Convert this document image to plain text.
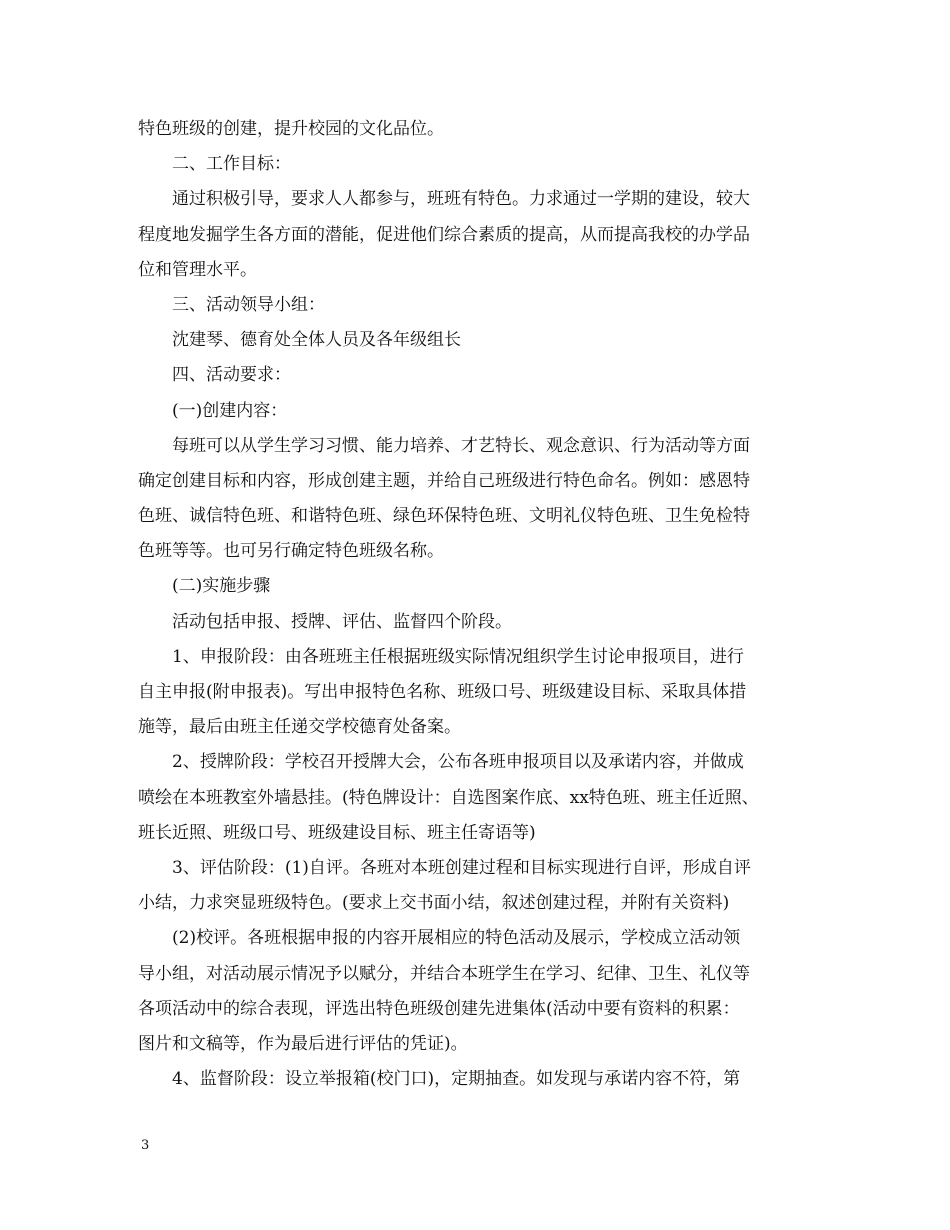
特色班级的创建，提升校园的文化品位。
二、工作目标：
通过积极引导，要求人人都参与，班班有特色。力求通过一学期的建设，较大
程度地发掘学生各方面的潜能，促进他们综合素质的提高，从而提高我校的办学品
位和管理水平。
三、活动领导小组：
沈建琴、德育处全体人员及各年级组长
四、活动要求：
(一)创建内容：
每班可以从学生学习习惯、能力培养、才艺特长、观念意识、行为活动等方面
确定创建目标和内容，形成创建主题，并给自己班级进行特色命名。例如：感恩特
色班、诚信特色班、和谐特色班、绿色环保特色班、文明礼仪特色班、卫生免检特
色班等等。也可另行确定特色班级名称。
(二)实施步骤
活动包括申报、授牌、评估、监督四个阶段。
1、申报阶段：由各班班主任根据班级实际情况组织学生讨论申报项目，进行
自主申报(附申报表)。写出申报特色名称、班级口号、班级建设目标、采取具体措
施等，最后由班主任递交学校德育处备案。
2、授牌阶段：学校召开授牌大会，公布各班申报项目以及承诺内容，并做成
喷绘在本班教室外墙悬挂。(特色牌设计：自选图案作底、xx特色班、班主任近照、
班长近照、班级口号、班级建设目标、班主任寄语等)
3、评估阶段：(1)自评。各班对本班创建过程和目标实现进行自评，形成自评
小结，力求突显班级特色。(要求上交书面小结，叙述创建过程，并附有关资料)
(2)校评。各班根据申报的内容开展相应的特色活动及展示，学校成立活动领
导小组，对活动展示情况予以赋分，并结合本班学生在学习、纪律、卫生、礼仪等
各项活动中的综合表现，评选出特色班级创建先进集体(活动中要有资料的积累：
图片和文稿等，作为最后进行评估的凭证)。
4、监督阶段：设立举报箱(校门口)，定期抽查。如发现与承诺内容不符，第
3
